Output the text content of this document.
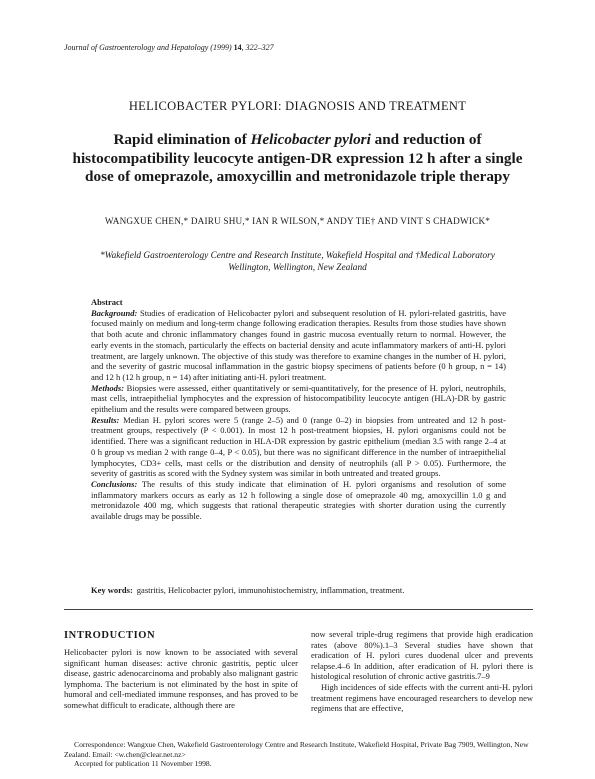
Journal of Gastroenterology and Hepatology (1999) 14, 322–327
HELICOBACTER PYLORI: DIAGNOSIS AND TREATMENT
Rapid elimination of Helicobacter pylori and reduction of histocompatibility leucocyte antigen-DR expression 12 h after a single dose of omeprazole, amoxycillin and metronidazole triple therapy
WANGXUE CHEN,* DAIRU SHU,* IAN R WILSON,* ANDY TIE† AND VINT S CHADWICK*
*Wakefield Gastroenterology Centre and Research Institute, Wakefield Hospital and †Medical Laboratory Wellington, Wellington, New Zealand

Abstract

Background: Studies of eradication of Helicobacter pylori and subsequent resolution of H. pylori-related gastritis, have focused mainly on medium and long-term change following eradication therapies. Results from those studies have shown that both acute and chronic inflammatory changes found in gastric mucosa eventually return to normal. However, the early events in the stomach, particularly the effects on bacterial density and acute inflammatory markers of anti-H. pylori treatment, are largely unknown. The objective of this study was therefore to examine changes in the number of H. pylori, and the severity of gastric mucosal inflammation in the gastric biopsy specimens of patients before (0 h group, n = 14) and 12 h (12 h group, n = 14) after initiating anti-H. pylori treatment.

Methods: Biopsies were assessed, either quantitatively or semi-quantitatively, for the presence of H. pylori, neutrophils, mast cells, intraepithelial lymphocytes and the expression of histocompatibility leucocyte antigen (HLA)-DR by gastric epithelium and the results were compared between groups.

Results: Median H. pylori scores were 5 (range 2–5) and 0 (range 0–2) in biopsies from untreated and 12 h post-treatment groups, respectively (P < 0.001). In most 12 h post-treatment biopsies, H. pylori organisms could not be identified. There was a significant reduction in HLA-DR expression by gastric epithelium (median 3.5 with range 2–4 at 0 h group vs median 2 with range 0–4, P < 0.05), but there was no significant difference in the number of intraepithelial lymphocytes, CD3+ cells, mast cells or the distribution and density of neutrophils (all P > 0.05). Furthermore, the severity of gastritis as scored with the Sydney system was similar in both untreated and treated groups.

Conclusions: The results of this study indicate that elimination of H. pylori organisms and resolution of some inflammatory markers occurs as early as 12 h following a single dose of omeprazole 40 mg, amoxycillin 1.0 g and metronidazole 400 mg, which suggests that rational therapeutic strategies with shorter duration using the currently available drugs may be possible.

Key words: gastritis, Helicobacter pylori, immunohistochemistry, inflammation, treatment.
INTRODUCTION

Helicobacter pylori is now known to be associated with several significant human diseases: active chronic gastritis, peptic ulcer disease, gastric adenocarcinoma and probably also malignant gastric lymphoma. The bacterium is not eliminated by the host in spite of humoral and cell-mediated immune responses, and has proved to be somewhat difficult to eradicate, although there are

now several triple-drug regimens that provide high eradication rates (above 80%).1–3 Several studies have shown that eradication of H. pylori cures duodenal ulcer and prevents relapse.4–6 In addition, after eradication of H. pylori there is histological resolution of chronic active gastritis.7–9

High incidences of side effects with the current anti-H. pylori treatment regimens have encouraged researchers to develop new regimens that are effective,

Correspondence: Wangxue Chen, Wakefield Gastroenterology Centre and Research Institute, Wakefield Hospital, Private Bag 7909, Wellington, New Zealand. Email: <w.chen@clear.net.nz>

Accepted for publication 11 November 1998.
